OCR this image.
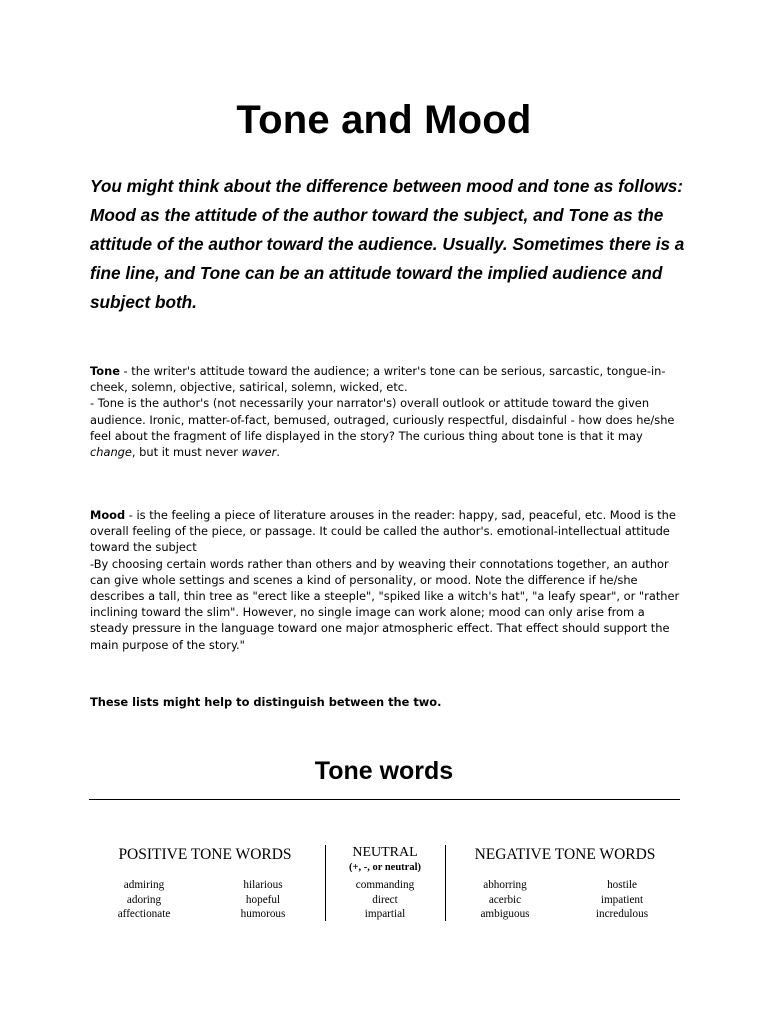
Tone and Mood
You might think about the difference between mood and tone as follows: Mood as the attitude of the author toward the subject, and Tone as the attitude of the author toward the audience. Usually. Sometimes there is a fine line, and Tone can be an attitude toward the implied audience and subject both.

Tone - the writer's attitude toward the audience; a writer's tone can be serious, sarcastic, tongue-in-cheek, solemn, objective, satirical, solemn, wicked, etc.

- Tone is the author's (not necessarily your narrator's) overall outlook or attitude toward the given audience. Ironic, matter-of-fact, bemused, outraged, curiously respectful, disdainful - how does he/she feel about the fragment of life displayed in the story? The curious thing about tone is that it may change, but it must never waver.

Mood - is the feeling a piece of literature arouses in the reader: happy, sad, peaceful, etc. Mood is the overall feeling of the piece, or passage. It could be called the author's. emotional-intellectual attitude toward the subject

-By choosing certain words rather than others and by weaving their connotations together, an author can give whole settings and scenes a kind of personality, or mood. Note the difference if he/she describes a tall, thin tree as "erect like a steeple", "spiked like a witch's hat", "a leafy spear", or "rather inclining toward the slim". However, no single image can work alone; mood can only arise from a steady pressure in the language toward one major atmospheric effect. That effect should support the main purpose of the story."

These lists might help to distinguish between the two.
Tone words
POSITIVE TONE WORDS	NEUTRAL
(+, -, or neutral)
NEGATIVE TONE WORDS
admiring
adoring
affectionate
hilarious
hopeful
humorous
commanding
direct
impartial
abhorring
acerbic
ambiguous
hostile
impatient
incredulous
